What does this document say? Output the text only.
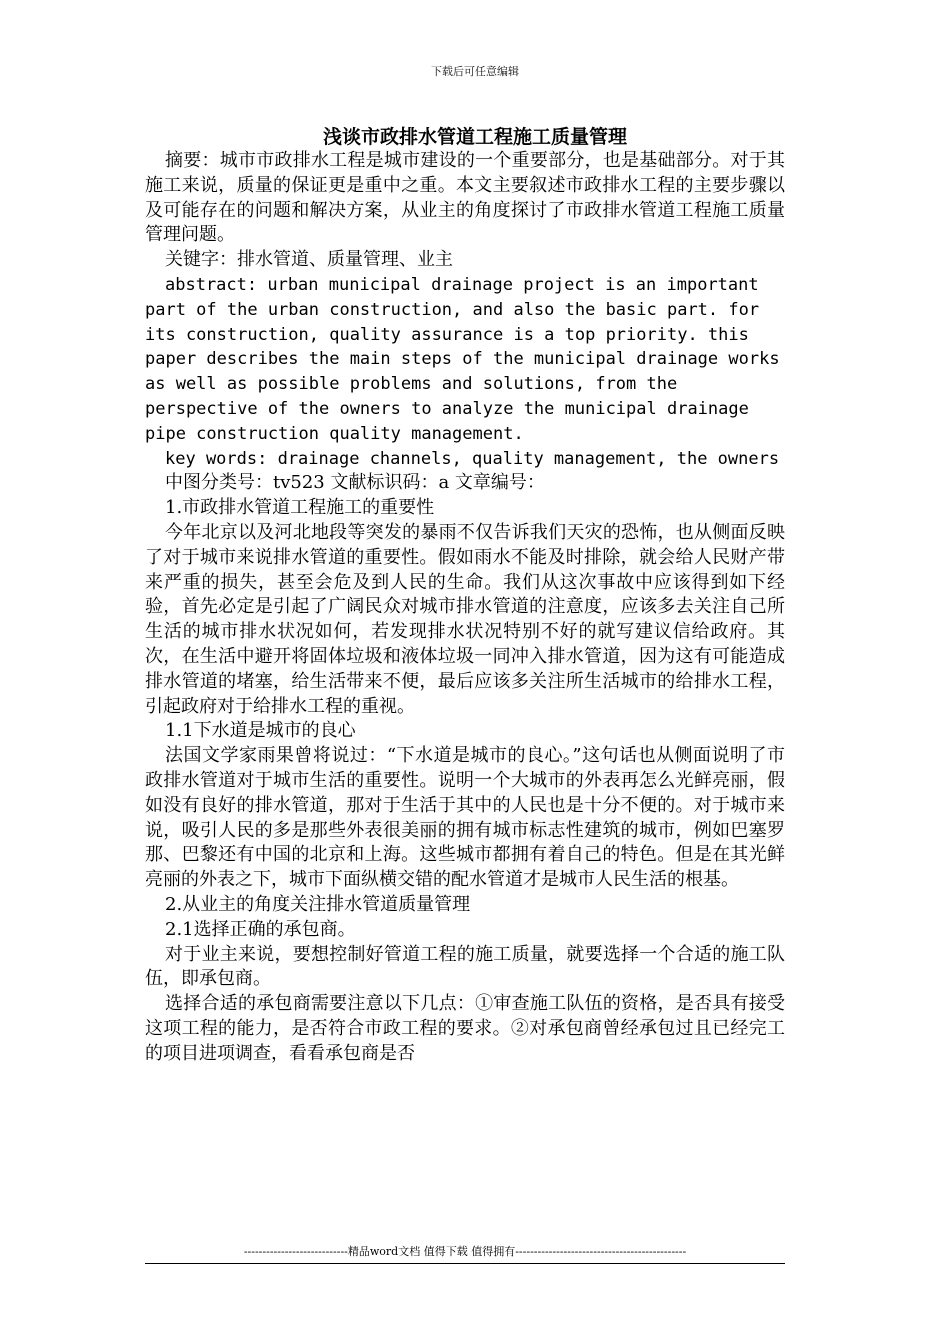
下载后可任意编辑
浅谈市政排水管道工程施工质量管理

摘要：城市市政排水工程是城市建设的一个重要部分，也是基础部分。对于其施工来说，质量的保证更是重中之重。本文主要叙述市政排水工程的主要步骤以及可能存在的问题和解决方案，从业主的角度探讨了市政排水管道工程施工质量管理问题。

关键字：排水管道、质量管理、业主

abstract: urban municipal drainage project is an important part of the urban construction, and also the basic part. for its construction, quality assurance is a top priority. this paper describes the main steps of the municipal drainage works as well as possible problems and solutions, from the perspective of the owners to analyze the municipal drainage pipe construction quality management.

key words: drainage channels, quality management, the owners

中图分类号：tv523 文献标识码：a 文章编号：

1.市政排水管道工程施工的重要性

今年北京以及河北地段等突发的暴雨不仅告诉我们天灾的恐怖，也从侧面反映了对于城市来说排水管道的重要性。假如雨水不能及时排除，就会给人民财产带来严重的损失，甚至会危及到人民的生命。我们从这次事故中应该得到如下经验，首先必定是引起了广阔民众对城市排水管道的注意度，应该多去关注自己所生活的城市排水状况如何，若发现排水状况特别不好的就写建议信给政府。其次，在生活中避开将固体垃圾和液体垃圾一同冲入排水管道，因为这有可能造成排水管道的堵塞，给生活带来不便，最后应该多关注所生活城市的给排水工程，引起政府对于给排水工程的重视。

1.1下水道是城市的良心

法国文学家雨果曾将说过：“下水道是城市的良心。”这句话也从侧面说明了市政排水管道对于城市生活的重要性。说明一个大城市的外表再怎么光鲜亮丽，假如没有良好的排水管道，那对于生活于其中的人民也是十分不便的。对于城市来说，吸引人民的多是那些外表很美丽的拥有城市标志性建筑的城市，例如巴塞罗那、巴黎还有中国的北京和上海。这些城市都拥有着自己的特色。但是在其光鲜亮丽的外表之下，城市下面纵横交错的配水管道才是城市人民生活的根基。

2.从业主的角度关注排水管道质量管理

2.1选择正确的承包商。

对于业主来说，要想控制好管道工程的施工质量，就要选择一个合适的施工队伍，即承包商。

选择合适的承包商需要注意以下几点：①审查施工队伍的资格，是否具有接受这项工程的能力，是否符合市政工程的要求。②对承包商曾经承包过且已经完工的项目进项调查，看看承包商是否

----------------------------精品word文档 值得下载 值得拥有----------------------------------------------
